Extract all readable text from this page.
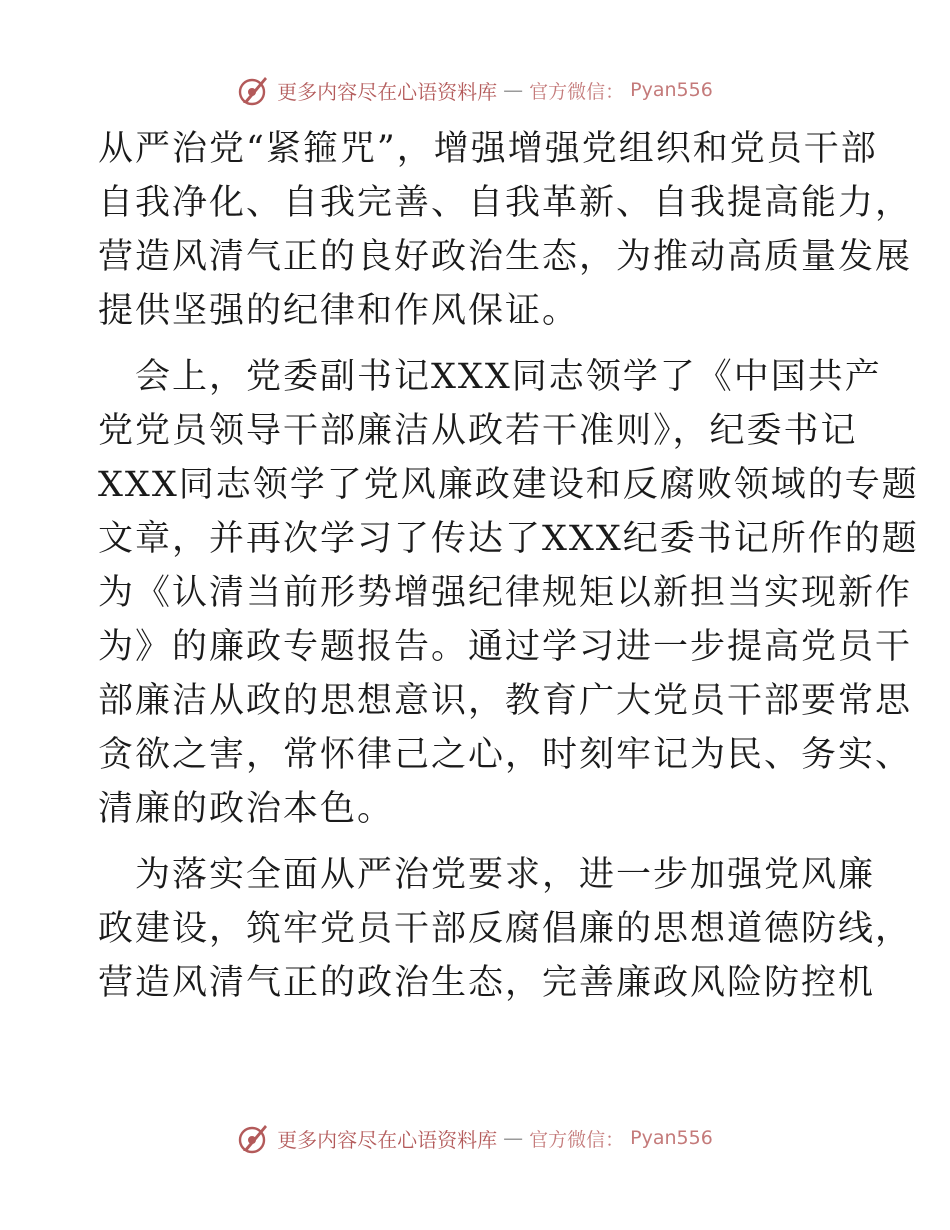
更多内容尽在心语资料库 — 官方微信： Pyan556
从严治党“紧箍咒”，增强增强党组织和党员干部
自我净化、自我完善、自我革新、自我提高能力，
营造风清气正的良好政治生态，为推动高质量发展
提供坚强的纪律和作风保证。
　会上，党委副书记XXX同志领学了《中国共产
党党员领导干部廉洁从政若干准则》，纪委书记
XXX同志领学了党风廉政建设和反腐败领域的专题
文章，并再次学习了传达了XXX纪委书记所作的题
为《认清当前形势增强纪律规矩以新担当实现新作
为》的廉政专题报告。通过学习进一步提高党员干
部廉洁从政的思想意识，教育广大党员干部要常思
贪欲之害，常怀律己之心，时刻牢记为民、务实、
清廉的政治本色。
　为落实全面从严治党要求，进一步加强党风廉
政建设，筑牢党员干部反腐倡廉的思想道德防线，
营造风清气正的政治生态，完善廉政风险防控机
更多内容尽在心语资料库 — 官方微信： Pyan556
